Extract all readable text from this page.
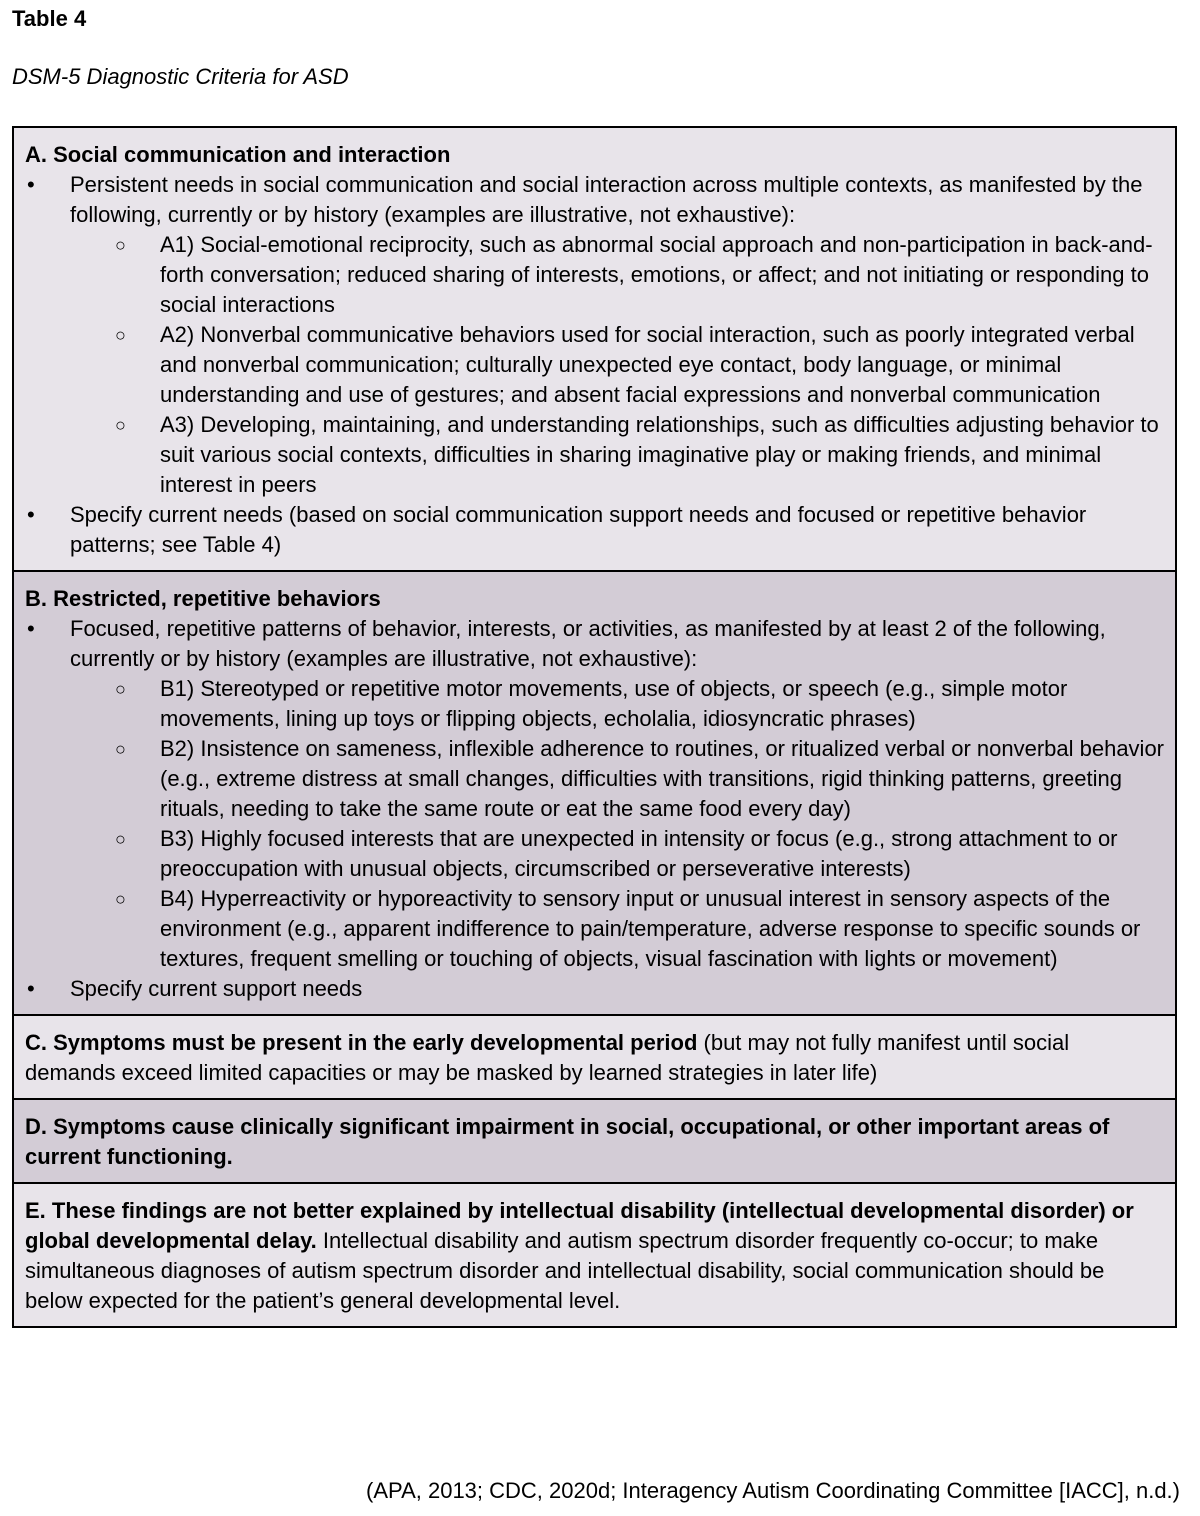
Table 4
DSM-5 Diagnostic Criteria for ASD
A. Social communication and interaction
• Persistent needs in social communication and social interaction across multiple contexts, as manifested by the following, currently or by history (examples are illustrative, not exhaustive):
○ A1) Social-emotional reciprocity, such as abnormal social approach and non-participation in back-and-forth conversation; reduced sharing of interests, emotions, or affect; and not initiating or responding to social interactions
○ A2) Nonverbal communicative behaviors used for social interaction, such as poorly integrated verbal and nonverbal communication; culturally unexpected eye contact, body language, or minimal understanding and use of gestures; and absent facial expressions and nonverbal communication
○ A3) Developing, maintaining, and understanding relationships, such as difficulties adjusting behavior to suit various social contexts, difficulties in sharing imaginative play or making friends, and minimal interest in peers
• Specify current needs (based on social communication support needs and focused or repetitive behavior patterns; see Table 4)
B. Restricted, repetitive behaviors
• Focused, repetitive patterns of behavior, interests, or activities, as manifested by at least 2 of the following, currently or by history (examples are illustrative, not exhaustive):
○ B1) Stereotyped or repetitive motor movements, use of objects, or speech (e.g., simple motor movements, lining up toys or flipping objects, echolalia, idiosyncratic phrases)
○ B2) Insistence on sameness, inflexible adherence to routines, or ritualized verbal or nonverbal behavior (e.g., extreme distress at small changes, difficulties with transitions, rigid thinking patterns, greeting rituals, needing to take the same route or eat the same food every day)
○ B3) Highly focused interests that are unexpected in intensity or focus (e.g., strong attachment to or preoccupation with unusual objects, circumscribed or perseverative interests)
○ B4) Hyperreactivity or hyporeactivity to sensory input or unusual interest in sensory aspects of the environment (e.g., apparent indifference to pain/temperature, adverse response to specific sounds or textures, frequent smelling or touching of objects, visual fascination with lights or movement)
• Specify current support needs
C. Symptoms must be present in the early developmental period (but may not fully manifest until social demands exceed limited capacities or may be masked by learned strategies in later life)
D. Symptoms cause clinically significant impairment in social, occupational, or other important areas of current functioning.
E. These findings are not better explained by intellectual disability (intellectual developmental disorder) or global developmental delay. Intellectual disability and autism spectrum disorder frequently co-occur; to make simultaneous diagnoses of autism spectrum disorder and intellectual disability, social communication should be below expected for the patient’s general developmental level.
(APA, 2013; CDC, 2020d; Interagency Autism Coordinating Committee [IACC], n.d.)
